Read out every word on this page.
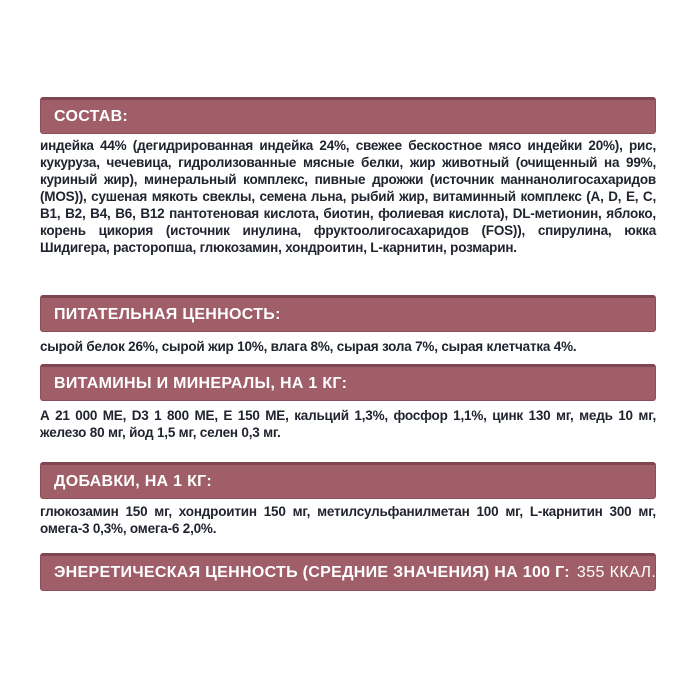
СОСТАВ:

индейка 44% (дегидрированная индейка 24%, свежее бескостное мясо индейки 20%), рис, кукуруза, чечевица, гидролизованные мясные белки, жир животный (очищенный на 99%, куриный жир), минеральный комплекс, пивные дрожжи (источник маннанолигосахаридов (MOS)), сушеная мякоть свеклы, семена льна, рыбий жир, витаминный комплекс (A, D, E, C, B1, B2, B4, B6, B12 пантотеновая кислота, биотин, фолиевая кислота), DL-метионин, яблоко, корень цикория (источник инулина, фруктоолигосахаридов (FOS)), спирулина, юкка Шидигера, расторопша, глюкозамин, хондроитин, L-карнитин, розмарин.

ПИТАТЕЛЬНАЯ ЦЕННОСТЬ:

сырой белок 26%, сырой жир 10%, влага 8%, сырая зола 7%, сырая клетчатка 4%.

ВИТАМИНЫ И МИНЕРАЛЫ, НА 1 КГ:

А 21 000 МЕ, D3 1 800 МЕ, Е 150 МЕ, кальций 1,3%, фосфор 1,1%, цинк 130 мг, медь 10 мг, железо 80 мг, йод 1,5 мг, селен 0,3 мг.

ДОБАВКИ, НА 1 КГ:

глюкозамин 150 мг, хондроитин 150 мг, метилсульфанилметан 100 мг, L-карнитин 300 мг, омега-3 0,3%, омега-6 2,0%.

ЭНЕРЕТИЧЕСКАЯ ЦЕННОСТЬ (СРЕДНИЕ ЗНАЧЕНИЯ) НА 100 Г: 355 ККАЛ.
